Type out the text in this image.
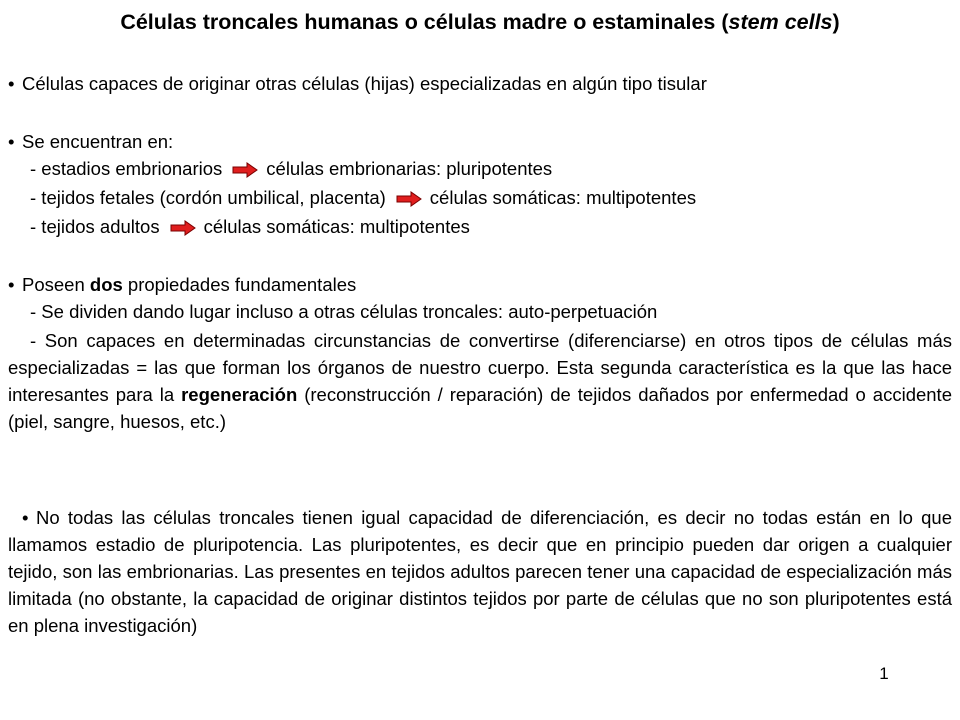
Células troncales humanas o células madre o estaminales (stem cells)
• Células capaces de originar otras células (hijas) especializadas en algún tipo tisular
• Se encuentran en:
- estadios embrionarios células embrionarias: pluripotentes
- tejidos fetales (cordón umbilical, placenta) células somáticas: multipotentes
- tejidos adultos células somáticas: multipotentes
• Poseen dos propiedades fundamentales
- Se dividen dando lugar incluso a otras células troncales: auto-perpetuación
- Son capaces en determinadas circunstancias de convertirse (diferenciarse) en otros tipos de células más especializadas = las que forman los órganos de nuestro cuerpo. Esta segunda característica es la que las hace interesantes para la regeneración (reconstrucción / reparación) de tejidos dañados por enfermedad o accidente (piel, sangre, huesos, etc.)
• No todas las células troncales tienen igual capacidad de diferenciación, es decir no todas están en lo que llamamos estadio de pluripotencia. Las pluripotentes, es decir que en principio pueden dar origen a cualquier tejido, son las embrionarias. Las presentes en tejidos adultos parecen tener una capacidad de especialización más limitada (no obstante, la capacidad de originar distintos tejidos por parte de células que no son pluripotentes está en plena investigación)
1
